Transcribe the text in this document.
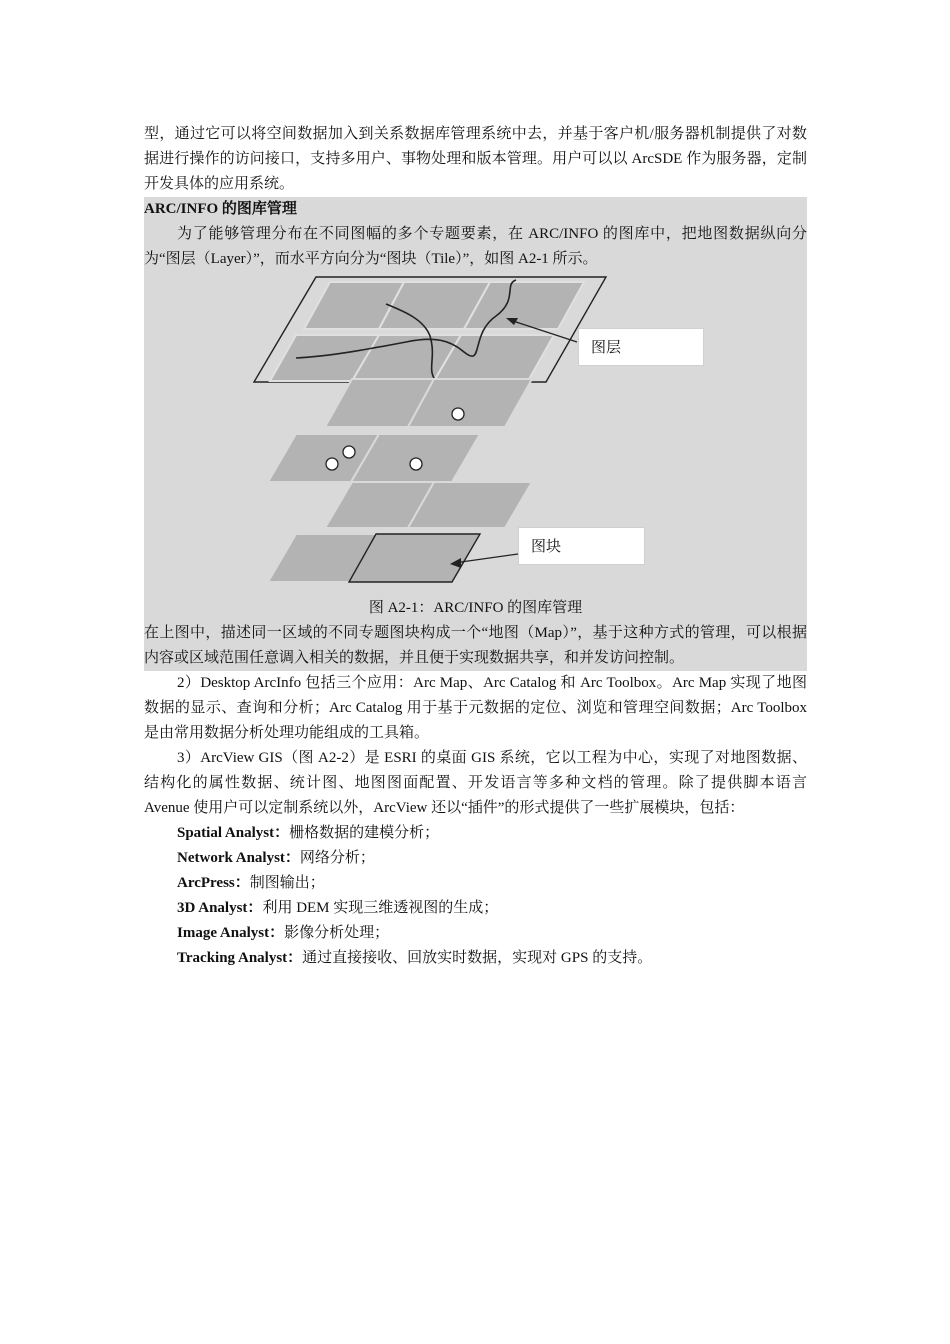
型，通过它可以将空间数据加入到关系数据库管理系统中去，并基于客户机/服务器机制提供了对数据进行操作的访问接口，支持多用户、事物处理和版本管理。用户可以以 ArcSDE 作为服务器，定制开发具体的应用系统。

ARC/INFO 的图库管理

为了能够管理分布在不同图幅的多个专题要素，在 ARC/INFO 的图库中，把地图数据纵向分为“图层（Layer）”，而水平方向分为“图块（Tile）”，如图 A2-1 所示。

图层
图块

图 A2-1：ARC/INFO 的图库管理

在上图中，描述同一区域的不同专题图块构成一个“地图（Map）”，基于这种方式的管理，可以根据内容或区域范围任意调入相关的数据，并且便于实现数据共享，和并发访问控制。

2）Desktop ArcInfo 包括三个应用：Arc Map、Arc Catalog 和 Arc Toolbox。Arc Map 实现了地图数据的显示、查询和分析；Arc Catalog 用于基于元数据的定位、浏览和管理空间数据；Arc Toolbox 是由常用数据分析处理功能组成的工具箱。

3）ArcView GIS（图 A2-2）是 ESRI 的桌面 GIS 系统，它以工程为中心，实现了对地图数据、结构化的属性数据、统计图、地图图面配置、开发语言等多种文档的管理。除了提供脚本语言 Avenue 使用户可以定制系统以外，ArcView 还以“插件”的形式提供了一些扩展模块，包括：

Spatial Analyst：栅格数据的建模分析；

Network Analyst：网络分析；

ArcPress：制图输出；

3D Analyst：利用 DEM 实现三维透视图的生成；

Image Analyst：影像分析处理；

Tracking Analyst：通过直接接收、回放实时数据，实现对 GPS 的支持。
